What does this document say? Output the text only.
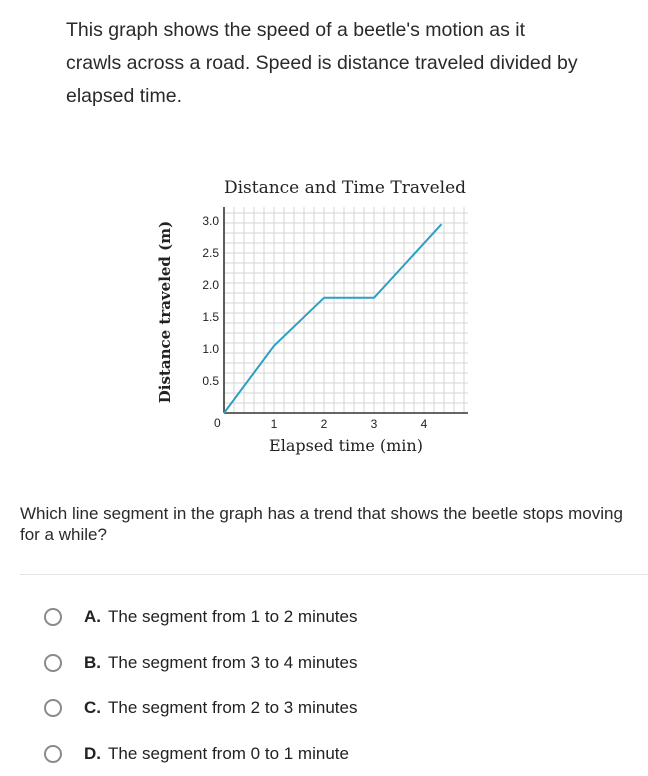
This graph shows the speed of a beetle's motion as it
crawls across a road. Speed is distance traveled divided by
elapsed time.
Distance and Time Traveled
1	2	3	4
0.5
1.0
1.5
2.0
2.5
3.0
0
Elapsed time (min)
Distance traveled (m)
Which line segment in the graph has a trend that shows the beetle stops moving for a while?
A. The segment from 1 to 2 minutes
B. The segment from 3 to 4 minutes
C. The segment from 2 to 3 minutes
D. The segment from 0 to 1 minute
